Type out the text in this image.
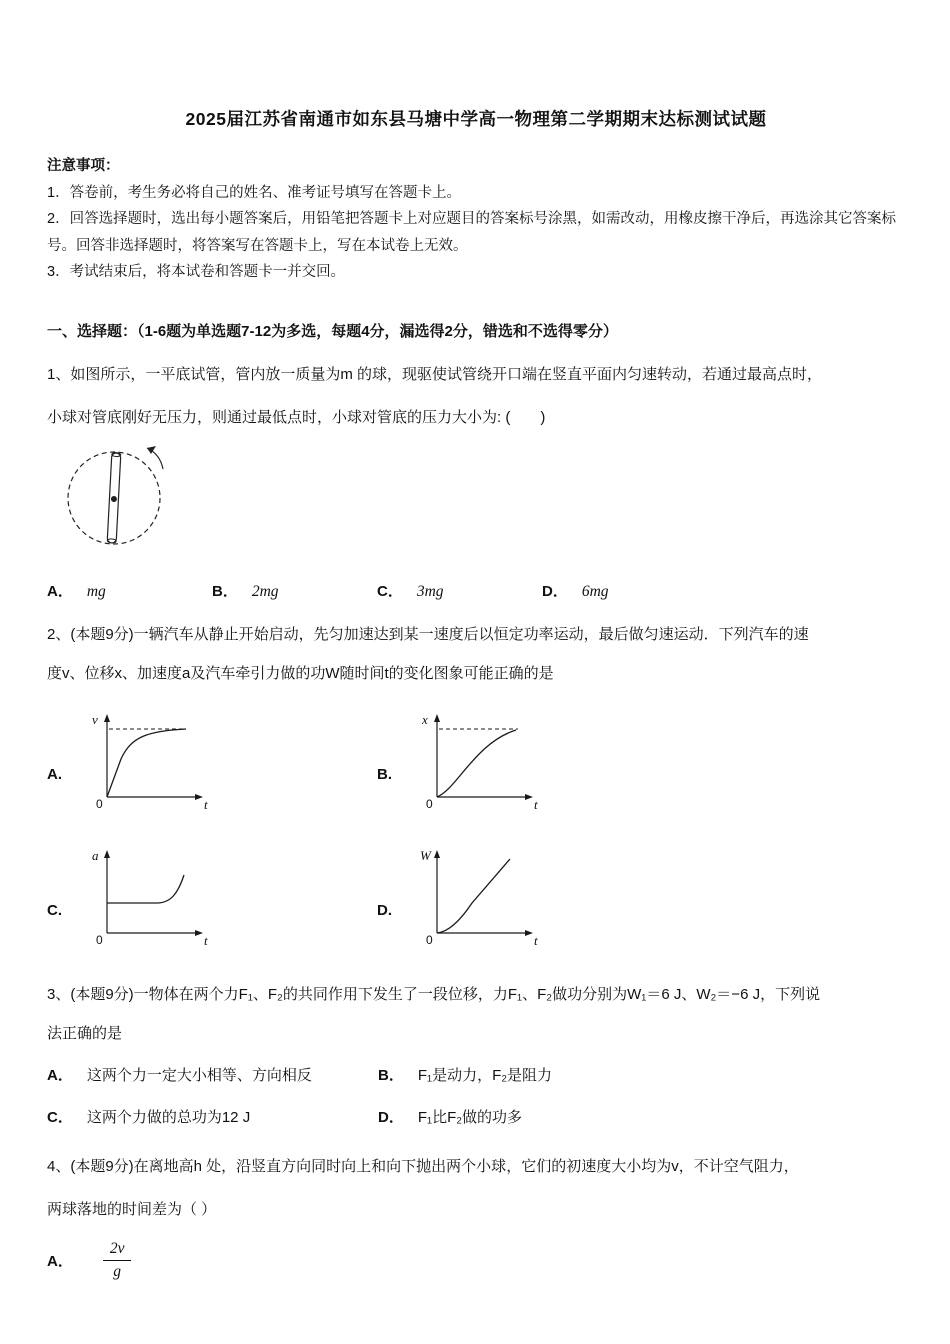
2025届江苏省南通市如东县马塘中学高一物理第二学期期末达标测试试题
注意事项：
1．答卷前，考生务必将自己的姓名、准考证号填写在答题卡上。
2．回答选择题时，选出每小题答案后，用铅笔把答题卡上对应题目的答案标号涂黑，如需改动，用橡皮擦干净后，再选涂其它答案标号。回答非选择题时，将答案写在答题卡上，写在本试卷上无效。
3．考试结束后，将本试卷和答题卡一并交回。
一、选择题：（1-6题为单选题7-12为多选，每题4分，漏选得2分，错选和不选得零分）
1、如图所示，一平底试管，管内放一质量为m 的球，现驱使试管绕开口端在竖直平面内匀速转动，若通过最高点时，
小球对管底刚好无压力，则通过最低点时，小球对管底的压力大小为: (　　)
A． mg	B． 2mg	C． 3mg	D． 6mg
2、(本题9分)一辆汽车从静止开始启动，先匀加速达到某一速度后以恒定功率运动，最后做匀速运动．下列汽车的速
度v、位移x、加速度a及汽车牵引力做的功W随时间t的变化图象可能正确的是
A.
v
0	t
B.
x
0	t
C.
a
0	t
D.
W
0	t
3、(本题9分)一物体在两个力F₁、F₂的共同作用下发生了一段位移，力F₁、F₂做功分别为W₁＝6 J、W₂＝−6 J，下列说
法正确的是
A． 这两个力一定大小相等、方向相反	B． F₁是动力，F₂是阻力
C． 这两个力做的总功为12 J	D． F₁比F₂做的功多
4、(本题9分)在离地高h 处，沿竖直方向同时向上和向下抛出两个小球，它们的初速度大小均为v，不计空气阻力，
两球落地的时间差为（ ）
A． $\frac{2v}{g}$
